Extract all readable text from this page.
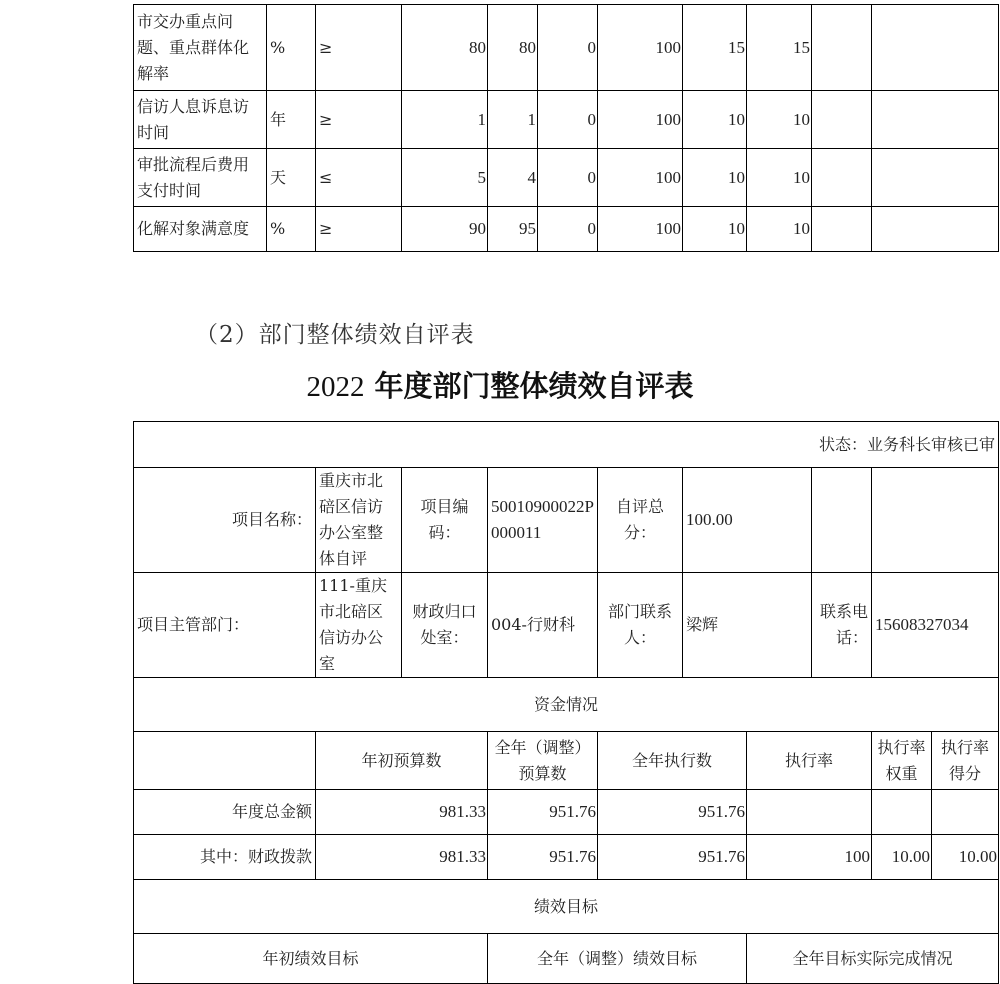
市交办重点问题、重点群体化解率	%	≥	80	80	0	100	15	15		
信访人息诉息访时间	年	≥	1	1	0	100	10	10		
审批流程后费用支付时间	天	≤	5	4	0	100	10	10		
化解对象满意度	%	≥	90	95	0	100	10	10		
（2）部门整体绩效自评表
2022 年度部门整体绩效自评表
状态：业务科长审核已审									
项目名称：	重庆市北碚区信访办公室整体自评	项目编码：	50010900022P000011	自评总分：	100.00				
项目主管部门：	111-重庆市北碚区信访办公室	财政归口处室：	004-行财科	部门联系人：	梁辉		联系电话：	15608327034	
资金情况									
	年初预算数		全年（调整）预算数	全年执行数		执行率		执行率权重	执行率得分
年度总金额	981.33		951.76	951.76					
其中：财政拨款	981.33		951.76	951.76		100		10.00	10.00
绩效目标									
年初绩效目标			全年（调整）绩效目标			全年目标实际完成情况			
